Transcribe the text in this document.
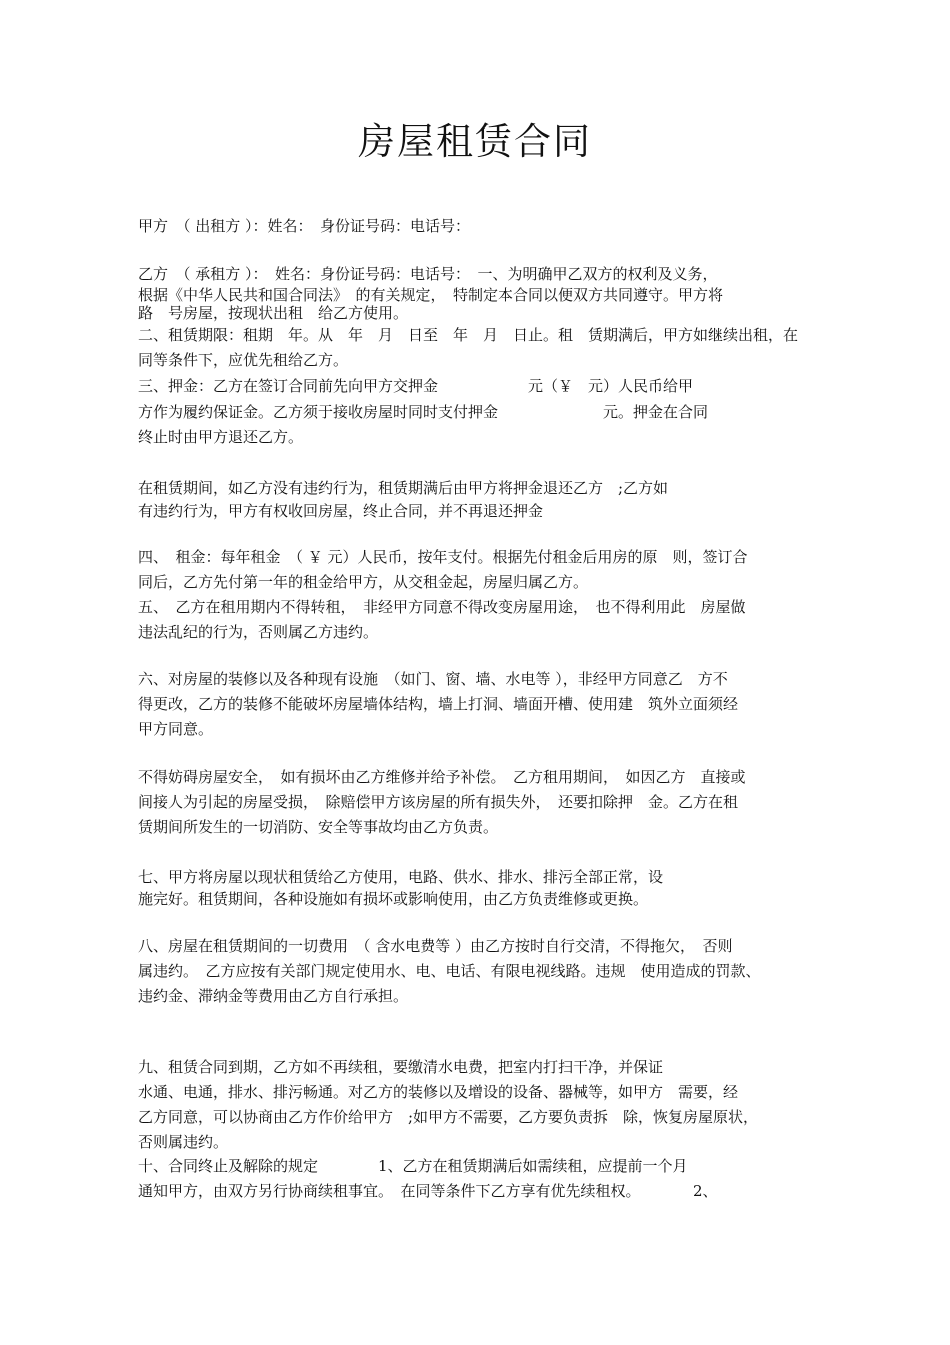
房屋租赁合同

甲方　（ 出租方 ）：姓名：　身份证号码：电话号：

乙方　（ 承租方 ）：　姓名：身份证号码：电话号：　一、为明确甲乙双方的权利及义务，

根据《中华人民共和国合同法》　的有关规定，　特制定本合同以便双方共同遵守。甲方将

路　号房屋，按现状出租　给乙方使用。

二、租赁期限：租期　年。从　年　月　日至　年　月　日止。租　赁期满后，甲方如继续出租，在

同等条件下，应优先租给乙方。

三、押金：乙方在签订合同前先向甲方交押金　　　　　　元（￥　元）人民币给甲

方作为履约保证金。乙方须于接收房屋时同时支付押金　　　　　　　元。押金在合同

终止时由甲方退还乙方。

在租赁期间，如乙方没有违约行为，租赁期满后由甲方将押金退还乙方　;乙方如

有违约行为，甲方有权收回房屋，终止合同，并不再退还押金

四、　租金：每年租金　（ ￥ 元）人民币，按年支付。根据先付租金后用房的原　则，签订合

同后，乙方先付第一年的租金给甲方，从交租金起，房屋归属乙方。

五、　乙方在租用期内不得转租，　非经甲方同意不得改变房屋用途，　也不得利用此　房屋做

违法乱纪的行为，否则属乙方违约。

六、对房屋的装修以及各种现有设施　（如门、窗、墙、水电等 ），非经甲方同意乙　方不

得更改，乙方的装修不能破坏房屋墙体结构，墙上打洞、墙面开槽、使用建　筑外立面须经

甲方同意。

不得妨碍房屋安全，　如有损坏由乙方维修并给予补偿。　乙方租用期间，　如因乙方　直接或

间接人为引起的房屋受损，　除赔偿甲方该房屋的所有损失外，　还要扣除押　金。乙方在租

赁期间所发生的一切消防、安全等事故均由乙方负责。

七、甲方将房屋以现状租赁给乙方使用，电路、供水、排水、排污全部正常，设

施完好。租赁期间，各种设施如有损坏或影响使用，由乙方负责维修或更换。

八、房屋在租赁期间的一切费用　（ 含水电费等 ）由乙方按时自行交清，不得拖欠，　否则

属违约。　乙方应按有关部门规定使用水、电、电话、有限电视线路。违规　使用造成的罚款、

违约金、滞纳金等费用由乙方自行承担。

九、租赁合同到期，乙方如不再续租，要缴清水电费，把室内打扫干净，并保证

水通、电通，排水、排污畅通。对乙方的装修以及增设的设备、器械等，如甲方　需要，经

乙方同意，可以协商由乙方作价给甲方　;如甲方不需要，乙方要负责拆　除，恢复房屋原状，

否则属违约。

十、合同终止及解除的规定　　　　1、乙方在租赁期满后如需续租，应提前一个月

通知甲方，由双方另行协商续租事宜。　在同等条件下乙方享有优先续租权。　　　　2、
